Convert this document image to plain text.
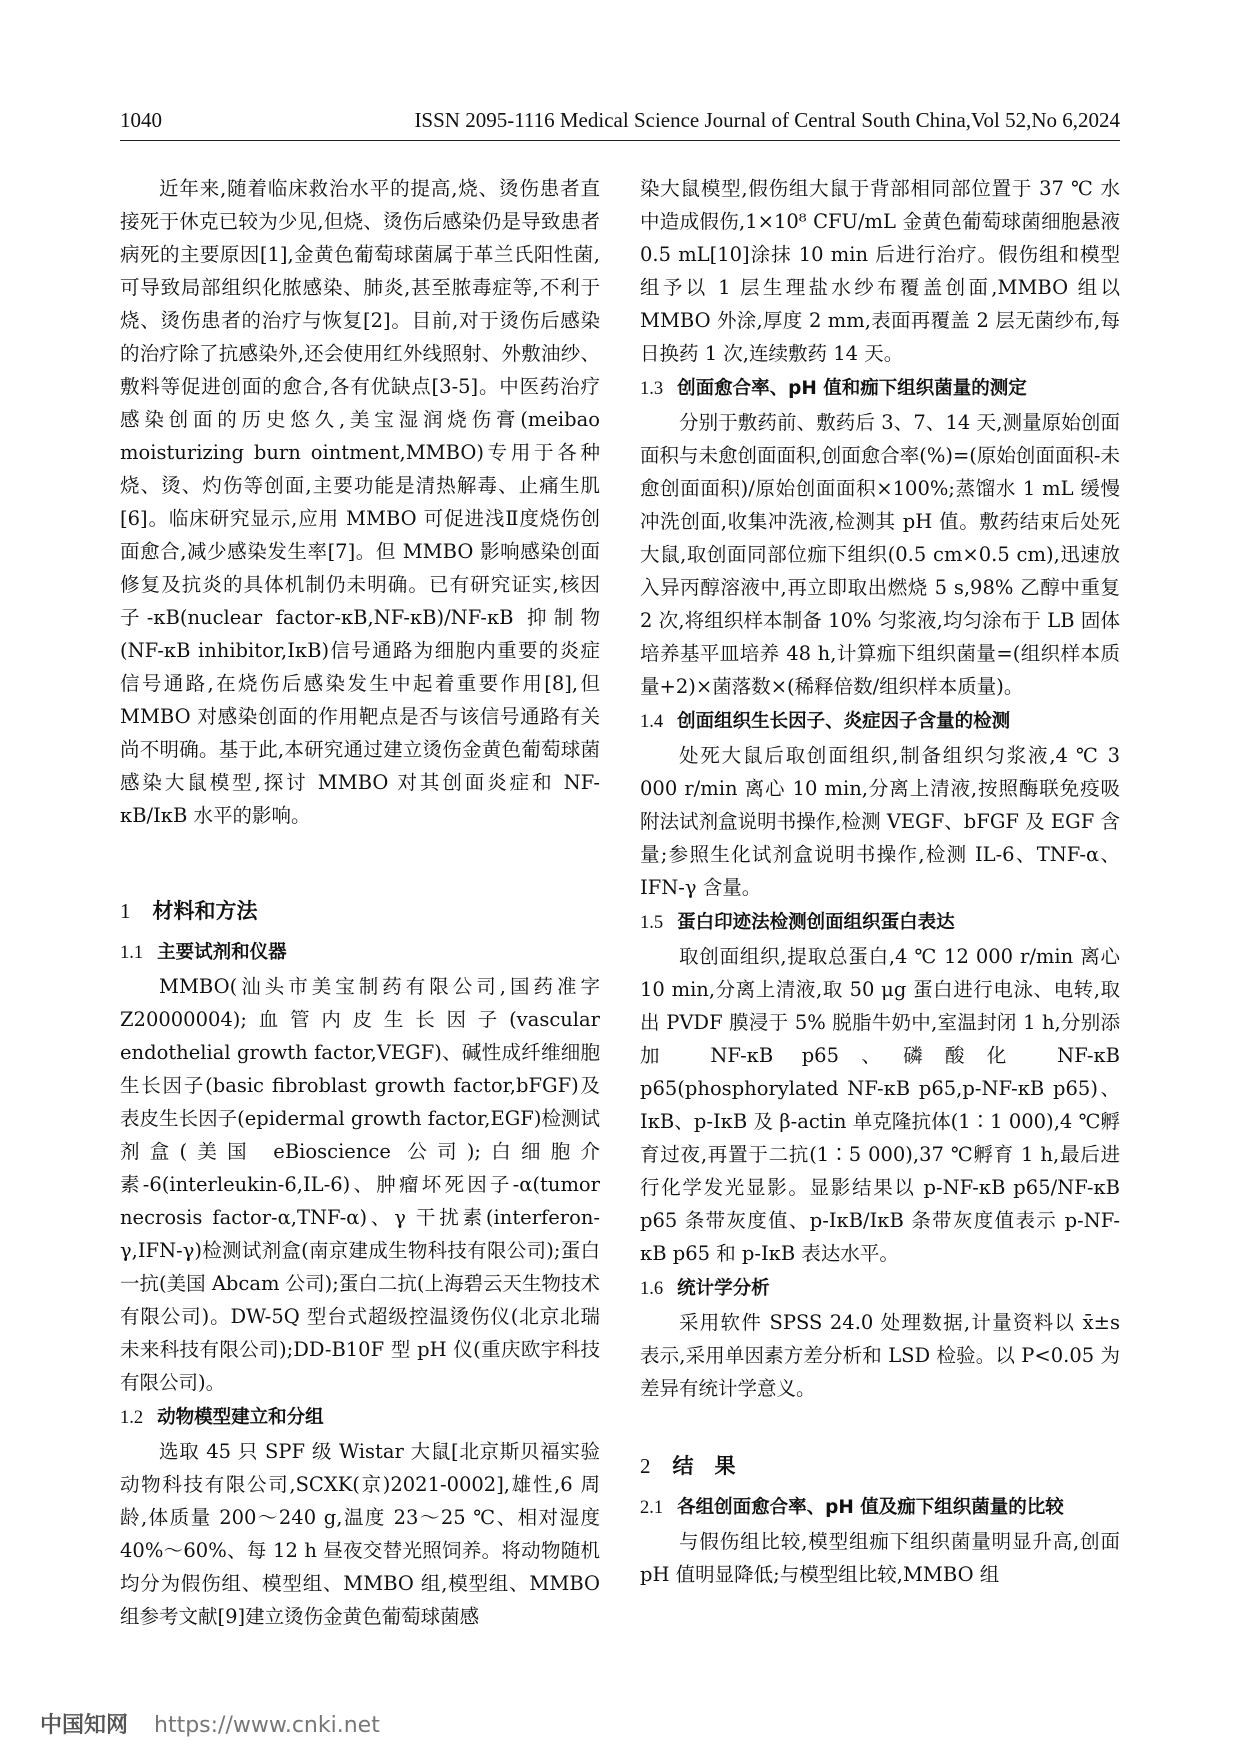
1040	ISSN 2095-1116 Medical Science Journal of Central South China,Vol 52,No 6,2024

近年来,随着临床救治水平的提高,烧、烫伤患者直接死于休克已较为少见,但烧、烫伤后感染仍是导致患者病死的主要原因[1],金黄色葡萄球菌属于革兰氏阳性菌,可导致局部组织化脓感染、肺炎,甚至脓毒症等,不利于烧、烫伤患者的治疗与恢复[2]。目前,对于烫伤后感染的治疗除了抗感染外,还会使用红外线照射、外敷油纱、敷料等促进创面的愈合,各有优缺点[3-5]。中医药治疗感染创面的历史悠久,美宝湿润烧伤膏(meibao moisturizing burn ointment,MMBO)专用于各种烧、烫、灼伤等创面,主要功能是清热解毒、止痛生肌[6]。临床研究显示,应用 MMBO 可促进浅Ⅱ度烧伤创面愈合,减少感染发生率[7]。但 MMBO 影响感染创面修复及抗炎的具体机制仍未明确。已有研究证实,核因子-κB(nuclear factor-κB,NF-κB)/NF-κB 抑制物(NF-κB inhibitor,IκB)信号通路为细胞内重要的炎症信号通路,在烧伤后感染发生中起着重要作用[8],但 MMBO 对感染创面的作用靶点是否与该信号通路有关尚不明确。基于此,本研究通过建立烫伤金黄色葡萄球菌感染大鼠模型,探讨 MMBO 对其创面炎症和 NF-κB/IκB 水平的影响。

1 材料和方法
1.1 主要试剂和仪器

MMBO(汕头市美宝制药有限公司,国药准字 Z20000004);血管内皮生长因子(vascular endothelial growth factor,VEGF)、碱性成纤维细胞生长因子(basic fibroblast growth factor,bFGF)及表皮生长因子(epidermal growth factor,EGF)检测试剂盒(美国 eBioscience 公司);白细胞介素-6(interleukin-6,IL-6)、肿瘤坏死因子-α(tumor necrosis factor-α,TNF-α)、γ 干扰素(interferon-γ,IFN-γ)检测试剂盒(南京建成生物科技有限公司);蛋白一抗(美国 Abcam 公司);蛋白二抗(上海碧云天生物技术有限公司)。DW-5Q 型台式超级控温烫伤仪(北京北瑞未来科技有限公司);DD-B10F 型 pH 仪(重庆欧宇科技有限公司)。

1.2 动物模型建立和分组

选取 45 只 SPF 级 Wistar 大鼠[北京斯贝福实验动物科技有限公司,SCXK(京)2021-0002],雄性,6 周龄,体质量 200～240 g,温度 23～25 ℃、相对湿度 40%～60%、每 12 h 昼夜交替光照饲养。将动物随机均分为假伤组、模型组、MMBO 组,模型组、MMBO 组参考文献[9]建立烫伤金黄色葡萄球菌感

染大鼠模型,假伤组大鼠于背部相同部位置于 37 ℃ 水中造成假伤,1×10⁸ CFU/mL 金黄色葡萄球菌细胞悬液 0.5 mL[10]涂抹 10 min 后进行治疗。假伤组和模型组予以 1 层生理盐水纱布覆盖创面,MMBO 组以 MMBO 外涂,厚度 2 mm,表面再覆盖 2 层无菌纱布,每日换药 1 次,连续敷药 14 天。

1.3 创面愈合率、pH 值和痂下组织菌量的测定

分别于敷药前、敷药后 3、7、14 天,测量原始创面面积与未愈创面面积,创面愈合率(%)=(原始创面面积-未愈创面面积)/原始创面面积×100%;蒸馏水 1 mL 缓慢冲洗创面,收集冲洗液,检测其 pH 值。敷药结束后处死大鼠,取创面同部位痂下组织(0.5 cm×0.5 cm),迅速放入异丙醇溶液中,再立即取出燃烧 5 s,98% 乙醇中重复 2 次,将组织样本制备 10% 匀浆液,均匀涂布于 LB 固体培养基平皿培养 48 h,计算痂下组织菌量=(组织样本质量+2)×菌落数×(稀释倍数/组织样本质量)。

1.4 创面组织生长因子、炎症因子含量的检测

处死大鼠后取创面组织,制备组织匀浆液,4 ℃ 3 000 r/min 离心 10 min,分离上清液,按照酶联免疫吸附法试剂盒说明书操作,检测 VEGF、bFGF 及 EGF 含量;参照生化试剂盒说明书操作,检测 IL-6、TNF-α、IFN-γ 含量。

1.5 蛋白印迹法检测创面组织蛋白表达

取创面组织,提取总蛋白,4 ℃ 12 000 r/min 离心 10 min,分离上清液,取 50 μg 蛋白进行电泳、电转,取出 PVDF 膜浸于 5% 脱脂牛奶中,室温封闭 1 h,分别添加 NF-κB p65、磷酸化 NF-κB p65(phosphorylated NF-κB p65,p-NF-κB p65)、IκB、p-IκB 及 β-actin 单克隆抗体(1∶1 000),4 ℃孵育过夜,再置于二抗(1∶5 000),37 ℃孵育 1 h,最后进行化学发光显影。显影结果以 p-NF-κB p65/NF-κB p65 条带灰度值、p-IκB/IκB 条带灰度值表示 p-NF-κB p65 和 p-IκB 表达水平。

1.6 统计学分析

采用软件 SPSS 24.0 处理数据,计量资料以 x̄±s 表示,采用单因素方差分析和 LSD 检验。以 P<0.05 为差异有统计学意义。

2 结　果
2.1 各组创面愈合率、pH 值及痂下组织菌量的比较

与假伤组比较,模型组痂下组织菌量明显升高,创面 pH 值明显降低;与模型组比较,MMBO 组

中国知网 https://www.cnki.net
